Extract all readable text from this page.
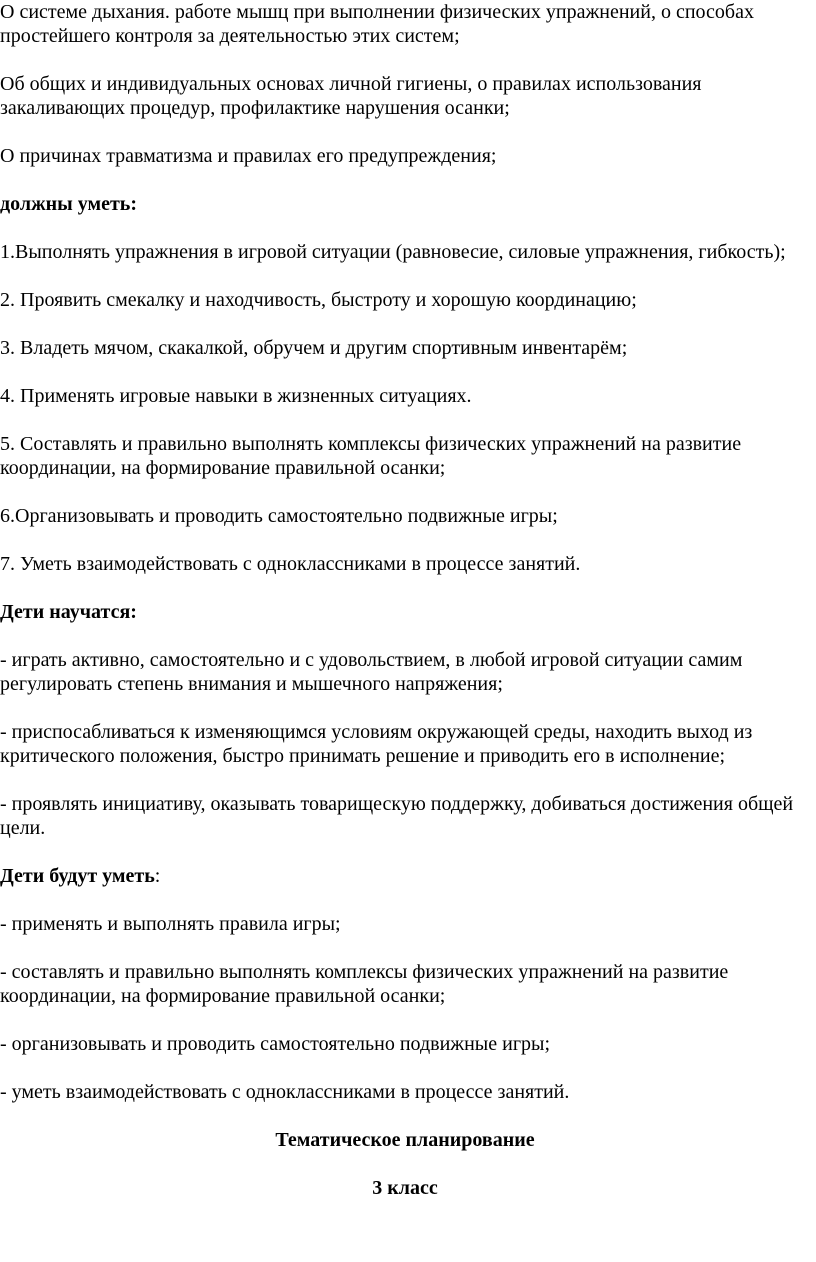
О системе дыхания. работе мышц при выполнении физических упражнений, о способах простейшего контроля за деятельностью этих систем;

Об общих и индивидуальных основах личной гигиены, о правилах использования закаливающих процедур, профилактике нарушения осанки;

О причинах травматизма и правилах его предупреждения;

должны уметь:

1.Выполнять упражнения в игровой ситуации (равновесие, силовые упражнения, гибкость);

2. Проявить смекалку и находчивость, быстроту и хорошую координацию;

3. Владеть мячом, скакалкой, обручем и другим спортивным инвентарём;

4. Применять игровые навыки в жизненных ситуациях.

5. Составлять и правильно выполнять комплексы физических упражнений на развитие координации, на формирование правильной осанки;

6.Организовывать и проводить самостоятельно подвижные игры;

7. Уметь взаимодействовать с одноклассниками в процессе занятий.

Дети научатся:

- играть активно, самостоятельно и с удовольствием, в любой игровой ситуации самим регулировать степень внимания и мышечного напряжения;

- приспосабливаться к изменяющимся условиям окружающей среды, находить выход из критического положения, быстро принимать решение и приводить его в исполнение;

- проявлять инициативу, оказывать товарищескую поддержку, добиваться достижения общей цели.

Дети будут уметь:

- применять и выполнять правила игры;

- составлять и правильно выполнять комплексы физических упражнений на развитие координации, на формирование правильной осанки;

- организовывать и проводить самостоятельно подвижные игры;

- уметь взаимодействовать с одноклассниками в процессе занятий.

Тематическое планирование

3 класс
